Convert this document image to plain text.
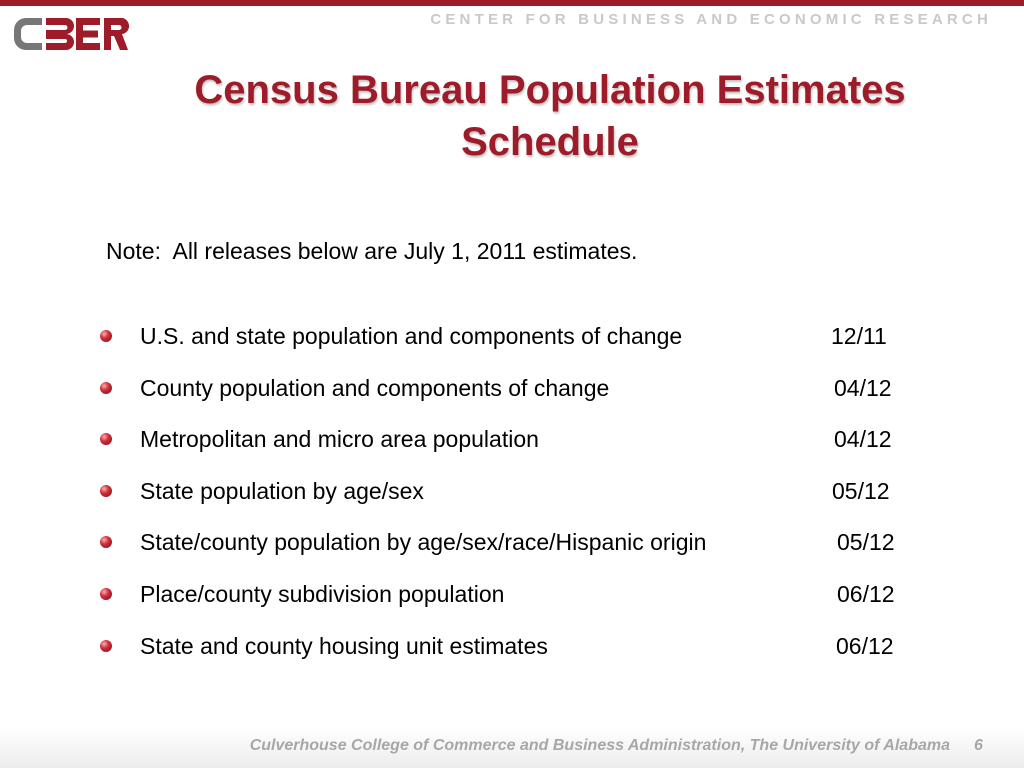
CENTER FOR BUSINESS AND ECONOMIC RESEARCH
Census Bureau Population Estimates
Schedule
Note:  All releases below are July 1, 2011 estimates.
U.S. and state population and components of change	12/11
County population and components of change	04/12
Metropolitan and micro area population	04/12
State population by age/sex	05/12
State/county population by age/sex/race/Hispanic origin	05/12
Place/county subdivision population	06/12
State and county housing unit estimates	06/12
Culverhouse College of Commerce and Business Administration, The University of Alabama 6
